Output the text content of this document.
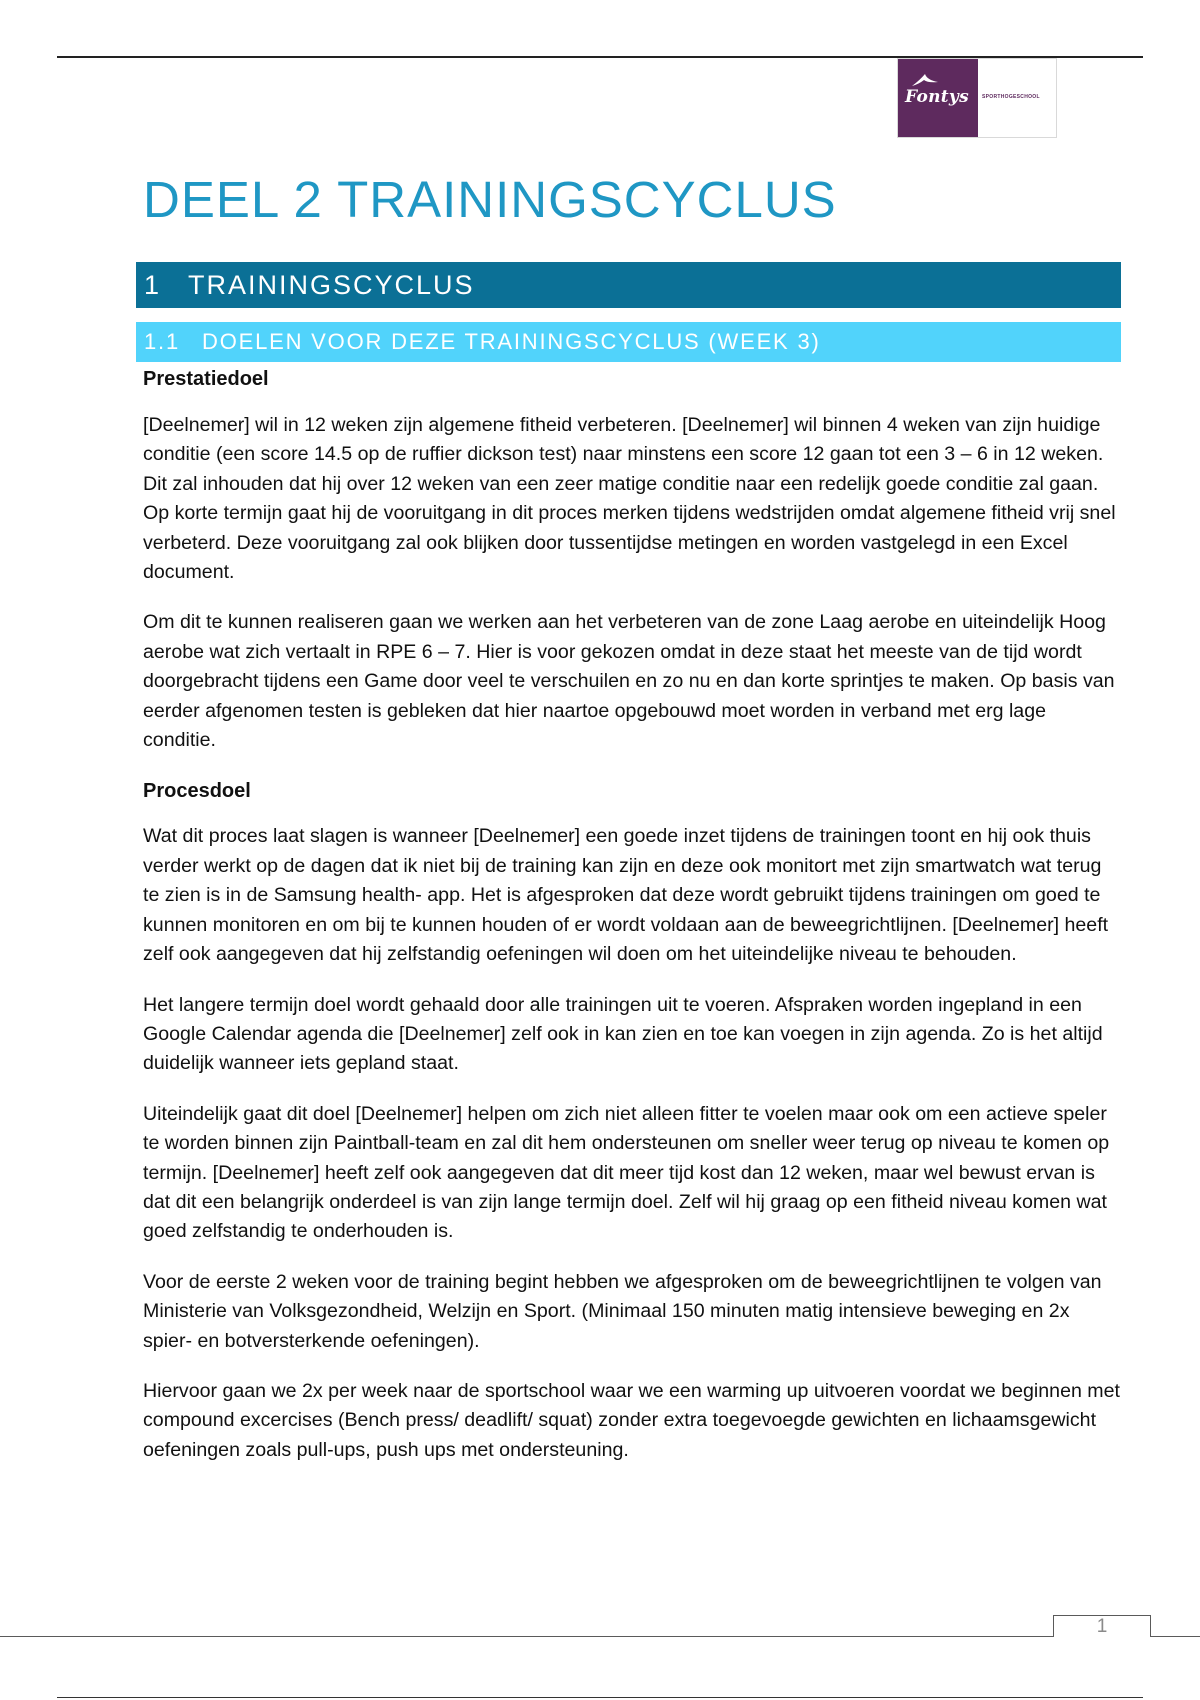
Fontys	SPORTHOGESCHOOL
DEEL 2 TRAININGSCYCLUS
1 TRAININGSCYCLUS
1.1	DOELEN VOOR DEZE TRAININGSCYCLUS (WEEK 3)

Prestatiedoel

[Deelnemer] wil in 12 weken zijn algemene fitheid verbeteren. [Deelnemer] wil binnen 4 weken van zijn huidige conditie (een score 14.5 op de ruffier dickson test) naar minstens een score 12 gaan tot een 3 – 6 in 12 weken. Dit zal inhouden dat hij over 12 weken van een zeer matige conditie naar een redelijk goede conditie zal gaan. Op korte termijn gaat hij de vooruitgang in dit proces merken tijdens wedstrijden omdat algemene fitheid vrij snel verbeterd. Deze vooruitgang zal ook blijken door tussentijdse metingen en worden vastgelegd in een Excel document.

Om dit te kunnen realiseren gaan we werken aan het verbeteren van de zone Laag aerobe en uiteindelijk Hoog aerobe wat zich vertaalt in RPE 6 – 7. Hier is voor gekozen omdat in deze staat het meeste van de tijd wordt doorgebracht tijdens een Game door veel te verschuilen en zo nu en dan korte sprintjes te maken. Op basis van eerder afgenomen testen is gebleken dat hier naartoe opgebouwd moet worden in verband met erg lage conditie.

Procesdoel

Wat dit proces laat slagen is wanneer [Deelnemer] een goede inzet tijdens de trainingen toont en hij ook thuis verder werkt op de dagen dat ik niet bij de training kan zijn en deze ook monitort met zijn smartwatch wat terug te zien is in de Samsung health- app. Het is afgesproken dat deze wordt gebruikt tijdens trainingen om goed te kunnen monitoren en om bij te kunnen houden of er wordt voldaan aan de beweegrichtlijnen. [Deelnemer] heeft zelf ook aangegeven dat hij zelfstandig oefeningen wil doen om het uiteindelijke niveau te behouden.

Het langere termijn doel wordt gehaald door alle trainingen uit te voeren. Afspraken worden ingepland in een Google Calendar agenda die [Deelnemer] zelf ook in kan zien en toe kan voegen in zijn agenda. Zo is het altijd duidelijk wanneer iets gepland staat.

Uiteindelijk gaat dit doel [Deelnemer] helpen om zich niet alleen fitter te voelen maar ook om een actieve speler te worden binnen zijn Paintball-team en zal dit hem ondersteunen om sneller weer terug op niveau te komen op termijn. [Deelnemer] heeft zelf ook aangegeven dat dit meer tijd kost dan 12 weken, maar wel bewust ervan is dat dit een belangrijk onderdeel is van zijn lange termijn doel. Zelf wil hij graag op een fitheid niveau komen wat goed zelfstandig te onderhouden is.

Voor de eerste 2 weken voor de training begint hebben we afgesproken om de beweegrichtlijnen te volgen van Ministerie van Volksgezondheid, Welzijn en Sport. (Minimaal 150 minuten matig intensieve beweging en 2x spier- en botversterkende oefeningen).

Hiervoor gaan we 2x per week naar de sportschool waar we een warming up uitvoeren voordat we beginnen met compound excercises (Bench press/ deadlift/ squat) zonder extra toegevoegde gewichten en lichaamsgewicht oefeningen zoals pull-ups, push ups met ondersteuning.

1
